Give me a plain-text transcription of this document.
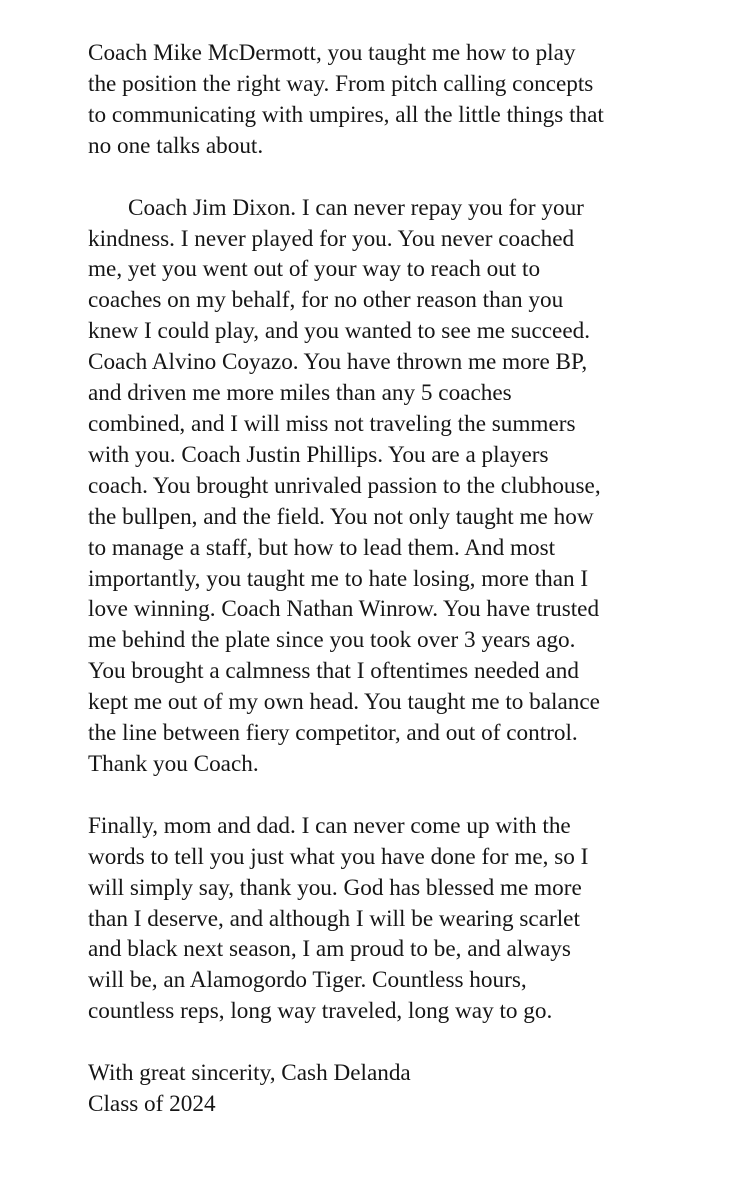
Coach Mike McDermott, you taught me how to play
the position the right way. From pitch calling concepts
to communicating with umpires, all the little things that
no one talks about.
Coach Jim Dixon. I can never repay you for your
kindness. I never played for you. You never coached
me, yet you went out of your way to reach out to
coaches on my behalf, for no other reason than you
knew I could play, and you wanted to see me succeed.
Coach Alvino Coyazo. You have thrown me more BP,
and driven me more miles than any 5 coaches
combined, and I will miss not traveling the summers
with you. Coach Justin Phillips. You are a players
coach. You brought unrivaled passion to the clubhouse,
the bullpen, and the field. You not only taught me how
to manage a staff, but how to lead them. And most
importantly, you taught me to hate losing, more than I
love winning. Coach Nathan Winrow. You have trusted
me behind the plate since you took over 3 years ago.
You brought a calmness that I oftentimes needed and
kept me out of my own head. You taught me to balance
the line between fiery competitor, and out of control.
Thank you Coach.
Finally, mom and dad. I can never come up with the
words to tell you just what you have done for me, so I
will simply say, thank you. God has blessed me more
than I deserve, and although I will be wearing scarlet
and black next season, I am proud to be, and always
will be, an Alamogordo Tiger. Countless hours,
countless reps, long way traveled, long way to go.
With great sincerity, Cash Delanda
Class of 2024
